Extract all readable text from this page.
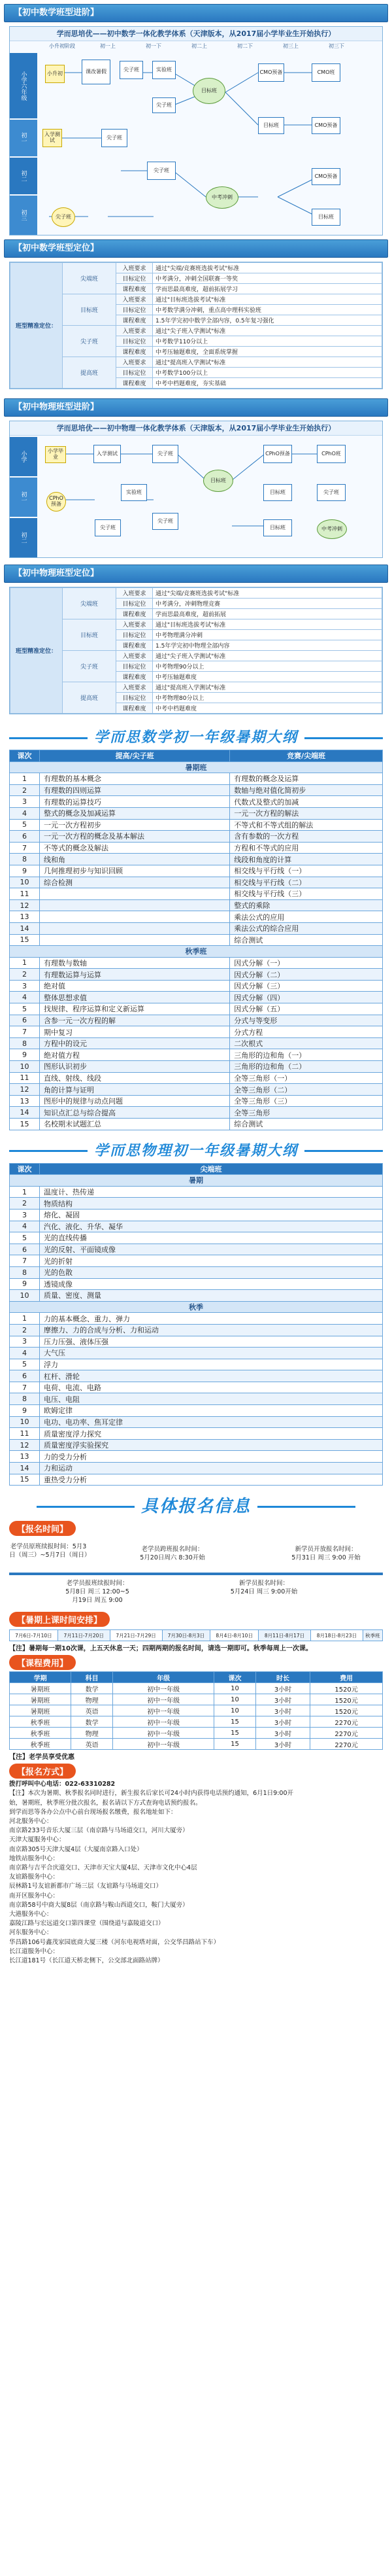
【初中数学班型进阶】
学而思培优——初中数学一体化教学体系（天津版本，从2017届小学毕业生开始执行）
小升初阶段	初一上	初一下	初二上	初二下	初三上	初三下
小学六年级
初一
初二
初三
小升初	课改暑假	尖子班	实验班
目标班
尖子班
CMO预备	CMO班
目标班
尖子班
入学测试
CMO预备
中考冲刺
CMO预备
尖子班
目标班
尖子班
【初中数学班型定位】
班型精准定位：	尖端班	入班要求	通过"尖端/竞赛班选拔考试"标准
		目标定位	中考满分，冲刺全国联赛一等奖
		课程难度	学而思最高难度，超前拓展学习
	目标班	入班要求	通过"目标班选拔考试"标准
		目标定位	中考数学满分冲刺，重点高中理科实验班
		课程难度	1.5年学完初中数学全部内容，0.5年复习强化
	尖子班	入班要求	通过"尖子班入学测试"标准
		目标定位	中考数学110分以上
		课程难度	中考压轴题难度，全面系统掌握
	提高班	入班要求	通过"提高班入学测试"标准
		目标定位	中考数学100分以上
		课程难度	中考中档题难度，夯实基础
【初中物理班型进阶】
学而思培优——初中物理一体化教学体系（天津版本，从2017届小学毕业生开始执行）
小学
初一
初二
小学毕业
入学测试	尖子班
实验班
目标班
尖子班
CPhO预备	CPhO班
目标班	尖子班
CPhO预备
尖子班	目标班	中考冲刺
【初中物理班型定位】
班型精准定位：	尖端班	入班要求	通过"尖端/竞赛班选拔考试"标准
		目标定位	中考满分，冲刺物理竞赛
		课程难度	学而思最高难度，超前拓展
	目标班	入班要求	通过"目标班选拔考试"标准
		目标定位	中考物理满分冲刺
		课程难度	1.5年学完初中物理全部内容
	尖子班	入班要求	通过"尖子班入学测试"标准
		目标定位	中考物理90分以上
		课程难度	中考压轴题难度
	提高班	入班要求	通过"提高班入学测试"标准
		目标定位	中考物理80分以上
		课程难度	中考中档题难度
学而思数学初一年级暑期大纲
课次	提高/尖子班	竞赛/尖端班
暑期班		
1	有理数的基本概念	有理数的概念及运算
2	有理数的四则运算	数轴与绝对值化简初步
3	有理数的运算技巧	代数式及整式的加减
4	整式的概念及加减运算	一元一次方程的解法
5	一元一次方程初步	不等式和不等式组的解法
6	一元一次方程的概念及基本解法	含有参数的一次方程
7	不等式的概念及解法	方程和不等式的应用
8	线和角	线段和角度的计算
9	几何推理初步与知识回顾	相交线与平行线（一）
10	综合检测	相交线与平行线（二）
11		相交线与平行线（三）
12		整式的乘除
13		乘法公式的应用
14		乘法公式的综合应用
15		综合测试
秋季班		
1	有理数与数轴	因式分解（一）
2	有理数运算与运算	因式分解（二）
3	绝对值	因式分解（三）
4	整体思想求值	因式分解（四）
5	找规律、程序运算和定义新运算	因式分解（五）
6	含参一元一次方程的解	分式与等变形
7	期中复习	分式方程
8	方程中的设元	二次根式
9	绝对值方程	三角形的边和角（一）
10	图形认识初步	三角形的边和角（二）
11	直线、射线、线段	全等三角形（一）
12	角的计算与证明	全等三角形（二）
13	图形中的规律与动点问题	全等三角形（三）
14	知识点汇总与综合提高	全等三角形
15	名校期末试题汇总	综合测试
学而思物理初一年级暑期大纲
课次	尖端班
暑期	
1	温度计、热传递
2	物质结构
3	熔化、凝固
4	汽化、液化、升华、凝华
5	光的直线传播
6	光的反射、平面镜成像
7	光的折射
8	光的色散
9	透镜成像
10	质量、密度、测量
秋季	
1	力的基本概念、重力、弹力
2	摩擦力、力的合成与分析、力和运动
3	压力压强、液体压强
4	大气压
5	浮力
6	杠杆、滑轮
7	电荷、电流、电路
8	电压、电阻
9	欧姆定律
10	电功、电功率、焦耳定律
11	质量密度浮力探究
12	质量密度浮实验探究
13	力的受力分析
14	力和运动
15	重热受力分析
具体报名信息
【报名时间】
老学员原班续报时间：5月3日（周三）~5月7日（周日）
老学员跨班报名时间：
5月20日周六 8:30开始
新学员开放报名时间：
5月31日 周三 9:00 开始
老学员报班续报时间：
5月8日 周三 12:00~5
月19日 周五 9:00
新学员报名时间：
5月24日 周三 9:00开始
【暑期上课时间安排】
7月6日-7月10日	7月11日-7月20日	7月21日-7月29日	7月30日-8月3日	8月4日-8月10日	8月11日-8月17日	8月18日-8月23日	秋季班
【注】暑期每一期10次课，上五天休息一天；四期两期的报名时间，请选一期即可。秋季每周上一次课。
【课程费用】
学期	科目	年级	课次	时长	费用
暑期班	数学	初中一年级	10	3小时	1520元
暑期班	物理	初中一年级	10	3小时	1520元
暑期班	英语	初中一年级	10	3小时	1520元
秋季班	数学	初中一年级	15	3小时	2270元
秋季班	物理	初中一年级	15	3小时	2270元
秋季班	英语	初中一年级	15	3小时	2270元
【注】老学员享受优惠
【报名方式】
拨打呼叫中心电话：022-63310282
【注】本次为暑期、秋季报名同时进行，新生报名后家长可24小时内获得电话预约通知，6月1日9:00开
始，暑期班，秋季班分批次报名，报名请以下方式查询电话预约报名。
到学而思等各办公点中心前台现场报名缴费，报名地址如下：
河北服务中心：
南京路233号音乐大厦三层（南京路与马场道交口，河川大厦旁）
天津大厦服务中心：
南京路305号天津大厦4层（大厦南京路入口处）
地铁站服务中心：
南京路与吉平合庆道交口、天津市天宝大厦4层、天津市文化中心4层
友谊路服务中心：
辰林路1号友谊新都市广场三层（友谊路与马场道交口）
南开区服务中心：
南京路58号中商大厦8层（南京路与鞍山西道交口，鞍门大厦旁）
大港服务中心：
嘉陵江路与宏远道交口第四课堂（围绕道与嘉陵道交口）
河东服务中心：
华昌路106号鑫茂家园底商大厦三楼（河东电视塔对面，公交华昌路站下车）
长江道服务中心：
长江道181号（长江道天桥北侧下，公交部北面路站牌）
